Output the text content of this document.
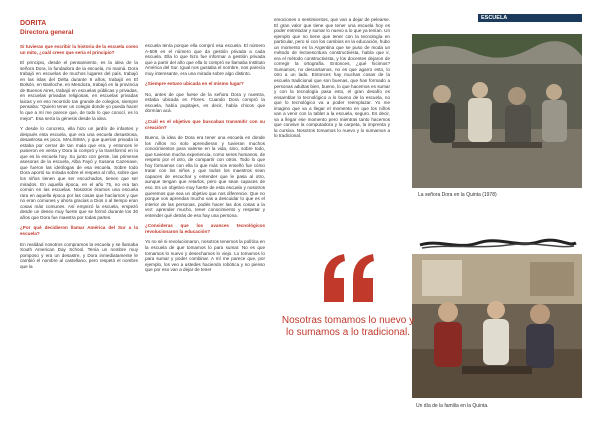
DORITA
Directora general

Si tuvieras que escribir la historia de la escuela como un mito, ¿cuál crees que sería el principio?

El principio, desde el pensamiento, es la idea de la señora Dora, la fundadora de la escuela, mi mamá. Dora trabajó en escuelas de muchos lugares del país, trabajó en las islas del Delta durante 8 años, trabajó en El Bolsón, en Bariloche, en Mendoza, trabajó en la provincia de Buenos Aires, trabajó en escuelas públicas y privadas, en escuelas privadas religiosas, en escuelas privadas laicas y en eso recorrido tan grande de colegios, siempre pensaba: "Quiero tener un colegio donde yo pueda hacer lo que a mí me parece que, de todo lo que conocí, es lo mejor". Esa sería la génesis desde la idea.

Y desde lo concreto, ella hizo un jardín de infantes y después esta escuela, que era una escuela desastrosa, desastrosa es poco, MALÍSIMA, y que querían privada la estaba por cerrar de tan mala que era, y entonces le pusieron en venta y Dora la compró y la transformó en lo que es la escuela hoy. Su junto con gente, las primeras asesoras de la escuela, Alba Fayó y Susana Cazenave, que fueron las ideólogas de esa escuela. Sobre todo Dora aportó su mirada sobre el respeto al niño, sobre que los niños tienen que ser escuchados, tienen que ser mirados. En aquella época, en el año 75, no era tan común en las escuelas. Nosotros éramos una escuela rara en aquella época por las cosas que hacíamos y que no eran comunes y ahora gracias a Dios o al tiempo eran cosas más comunes. Así empezó la escuela, empezó desde un deseo muy fuerte que se formó durante los 30 años que Dora fue maestra por todas partes.

¿Por qué decidieron llamar América del Sur a la escuela?

En realidad nosotros compramos la escuela y se llamaba South American Day School. Tenía un nombre muy pomposo y era un desastre, y Dora inmediatamente le cambió el nombre al castellano, pero respetó el nombre que la

escuela tenía porque ella compró esa escuela. El número A-509 es el número que da gestión privada a cada escuela. Ella lo que hizo fue informar a gestión privada que a partir del año que ella lo compró se llamaba Instituto América del Sur. Igual nos gustaba el nombre, nos parecía muy interesante, era una mirada sobre algo distinto.

¿Siempre estuvo ubicada en el mismo lugar?

No, antes de que fuese de la señora Dora y nuestra, estaba ubicada en Flores. Cuando Dora compró la escuela, había pupitajes, es decir, había chicos que dormían acá.

¿Cuál es el objetivo que buscaban transmitir con su creación?

Bueno, la idea de Dora era tener una escuela en donde los niños no solo aprendieran y tuvieran muchos conocimientos para valerse en la vida, sino, sobre todo, que tuvieran mucha experiencia, como seres humanos, de respeto por el otro, de compartir con otros. Todo lo que hoy formamos con ella lo que más nos enseñó fue cómo tratar con los niños y que todos los maestros sean capaces de escuchar y entender que le pasa al otro, aunque tengan que retarlos, pero que sean capaces de eso. Es un objetivo muy fuerte de esta escuela y nosotros queremos que sea un objetivo que nos diferencie. Que no porque vos aprendas mucho vas a descuidar lo que es el interior de las personas, podés hacer las dos cosas a la vez: aprender mucho, tener conocimiento y respetar y entender qué detrás de eso hay una persona.

¿Consideras que los avances tecnológicos revolucionaron la educación?

Yo no sé si revolucionaron, nosotros tenemos la política en la escuela de que tomamos lo para sumar. No es que tomamos lo nuevo y desechamos lo viejo. Lo tomamos lo para sumar y poder combinar. A mí me parece que, por ejemplo, los veo a ustedes haciendo robótica y no pienso que por eso van a dejar de tener

emociones o sentimientos, que van a dejar de pelearse. El gran valor que tiene que tener una escuela hoy es poder entrelazar y sumar lo nuevo a lo que ya tenían. Un ejemplo que no tiene que tener con la tecnología en particular, pero sí con los cambios en la educación, hubo un momento en la Argentina que se puso de moda un método de lectoescritura constructivista, había que ir, era el método constructivista, y los docentes dejaron de corregir la ortografía. Entonces, ¿qué hicimos? Sumamos, no descartamos, no es que agarro esto, lo otro a un lado. Entonces hay muchas cosas de la escuela tradicional que son buenas, que han formado a personas adultas bien, bueno, lo que hacemos es sumar y con la tecnología pasa esto, el gran desafío es ensamblar lo tecnológico a lo bueno de la escuela, no que lo tecnológico va a poder reemplazar. Yo me imagino que va a llegar el momento en que los niños van a venir con la tablet a la escuela, seguro. Es decir, va a llegar ese momento pero mientras tanto hacemos que convive la computadora y la carpeta, la imprenta y la cursiva. Nosotros tomamos lo nuevo y lo sumamos a lo tradicional.

ESCUELA
La señora Dora en la Quinta (1978)
Un día de la familia en la Quinta.
Nosotras tomamos lo nuevo y lo sumamos a lo tradicional.
